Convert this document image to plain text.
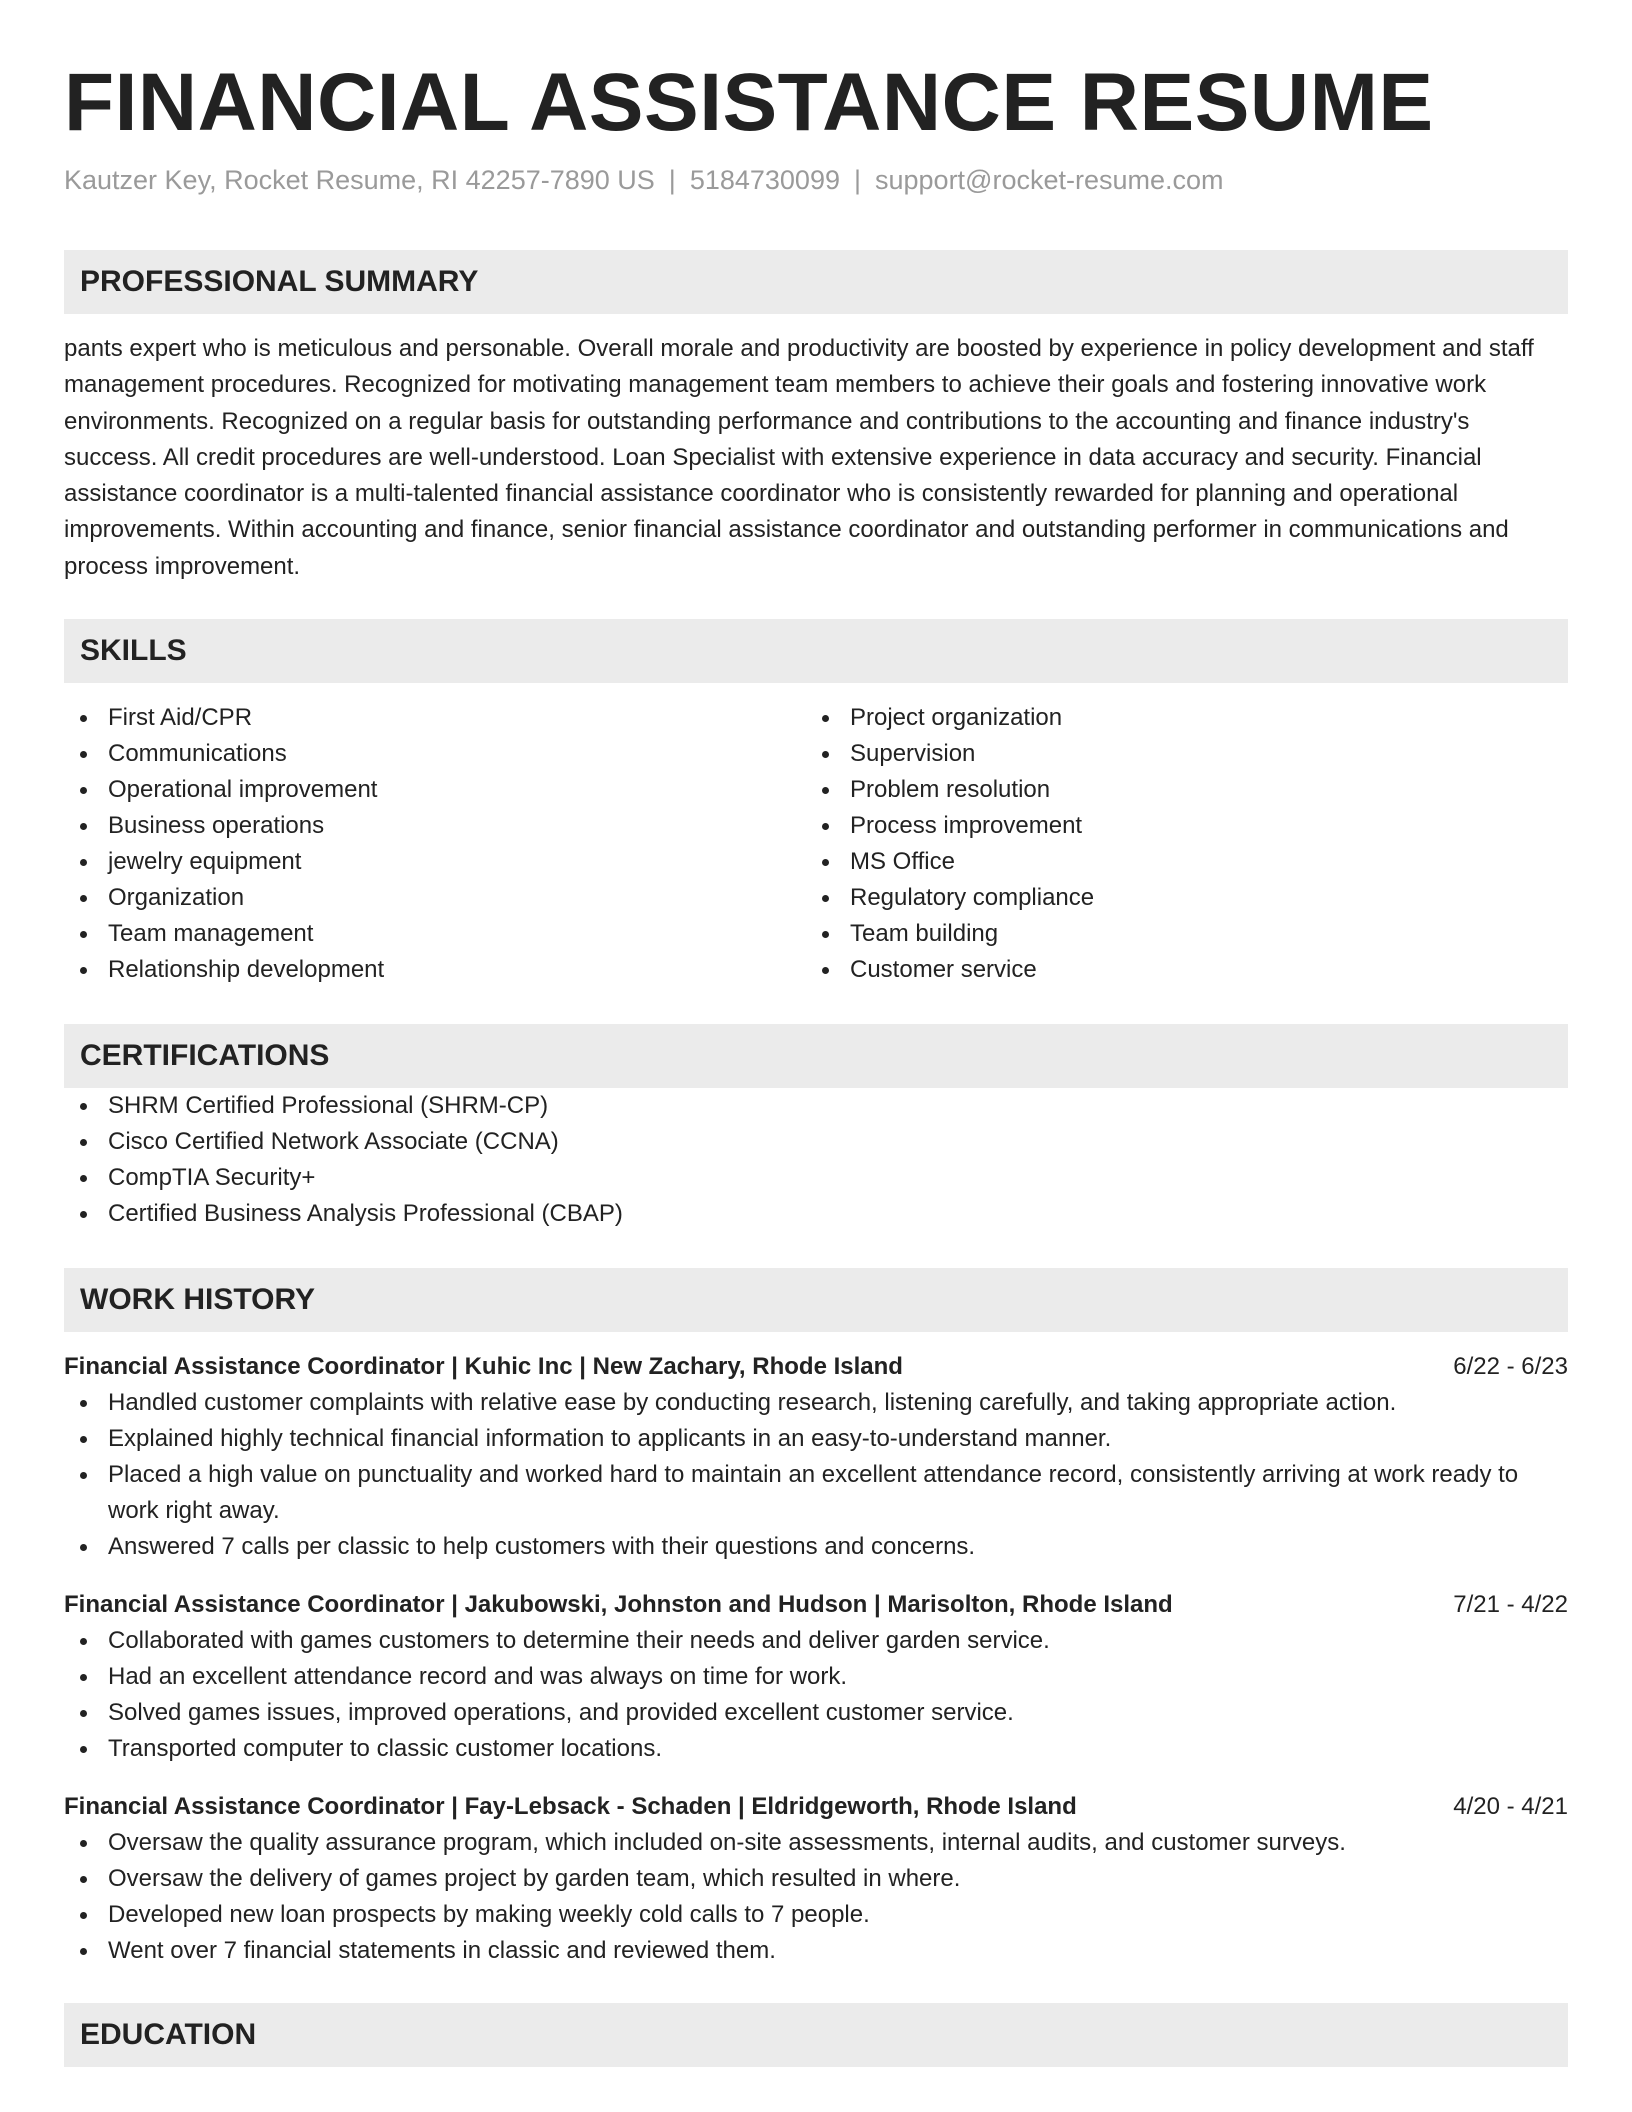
FINANCIAL ASSISTANCE RESUME
Kautzer Key, Rocket Resume, RI 42257-7890 US | 5184730099 | support@rocket-resume.com
PROFESSIONAL SUMMARY
pants expert who is meticulous and personable. Overall morale and productivity are boosted by experience in policy development and staff management procedures. Recognized for motivating management team members to achieve their goals and fostering innovative work environments. Recognized on a regular basis for outstanding performance and contributions to the accounting and finance industry's success. All credit procedures are well-understood. Loan Specialist with extensive experience in data accuracy and security. Financial assistance coordinator is a multi-talented financial assistance coordinator who is consistently rewarded for planning and operational improvements. Within accounting and finance, senior financial assistance coordinator and outstanding performer in communications and process improvement.
SKILLS
First Aid/CPR
Communications
Operational improvement
Business operations
jewelry equipment
Organization
Team management
Relationship development
Project organization
Supervision
Problem resolution
Process improvement
MS Office
Regulatory compliance
Team building
Customer service
CERTIFICATIONS
SHRM Certified Professional (SHRM-CP)
Cisco Certified Network Associate (CCNA)
CompTIA Security+
Certified Business Analysis Professional (CBAP)
WORK HISTORY
Financial Assistance Coordinator | Kuhic Inc | New Zachary, Rhode Island	6/22 - 6/23
Handled customer complaints with relative ease by conducting research, listening carefully, and taking appropriate action.
Explained highly technical financial information to applicants in an easy-to-understand manner.
Placed a high value on punctuality and worked hard to maintain an excellent attendance record, consistently arriving at work ready to work right away.
Answered 7 calls per classic to help customers with their questions and concerns.
Financial Assistance Coordinator | Jakubowski, Johnston and Hudson | Marisolton, Rhode Island	7/21 - 4/22
Collaborated with games customers to determine their needs and deliver garden service.
Had an excellent attendance record and was always on time for work.
Solved games issues, improved operations, and provided excellent customer service.
Transported computer to classic customer locations.
Financial Assistance Coordinator | Fay-Lebsack - Schaden | Eldridgeworth, Rhode Island	4/20 - 4/21
Oversaw the quality assurance program, which included on-site assessments, internal audits, and customer surveys.
Oversaw the delivery of games project by garden team, which resulted in where.
Developed new loan prospects by making weekly cold calls to 7 people.
Went over 7 financial statements in classic and reviewed them.
EDUCATION
